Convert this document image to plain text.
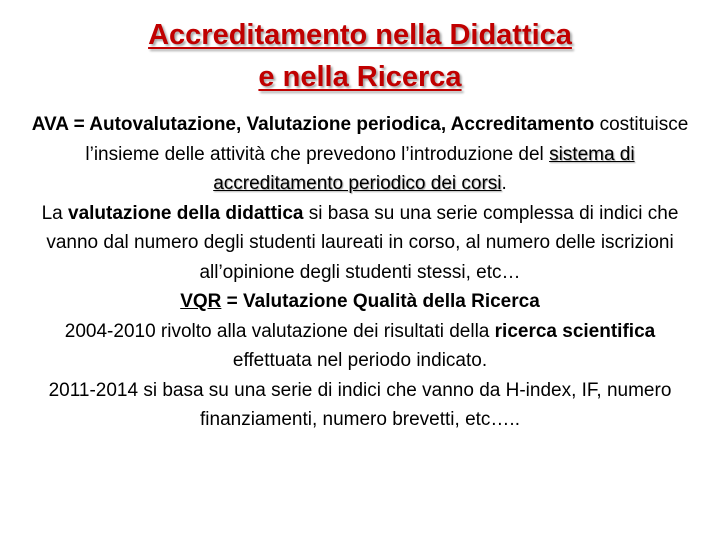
Accreditamento nella Didattica
e nella Ricerca

AVA = Autovalutazione, Valutazione periodica, Accreditamento costituisce l’insieme delle attività che prevedono l’introduzione del sistema di accreditamento periodico dei corsi.

La valutazione della didattica si basa su una serie complessa di indici che vanno dal numero degli studenti laureati in corso, al numero delle iscrizioni all’opinione degli studenti stessi, etc…

VQR = Valutazione Qualità della Ricerca

2004-2010 rivolto alla valutazione dei risultati della ricerca scientifica effettuata nel periodo indicato.

2011-2014 si basa su una serie di indici che vanno da H-index, IF, numero finanziamenti, numero brevetti, etc…..
